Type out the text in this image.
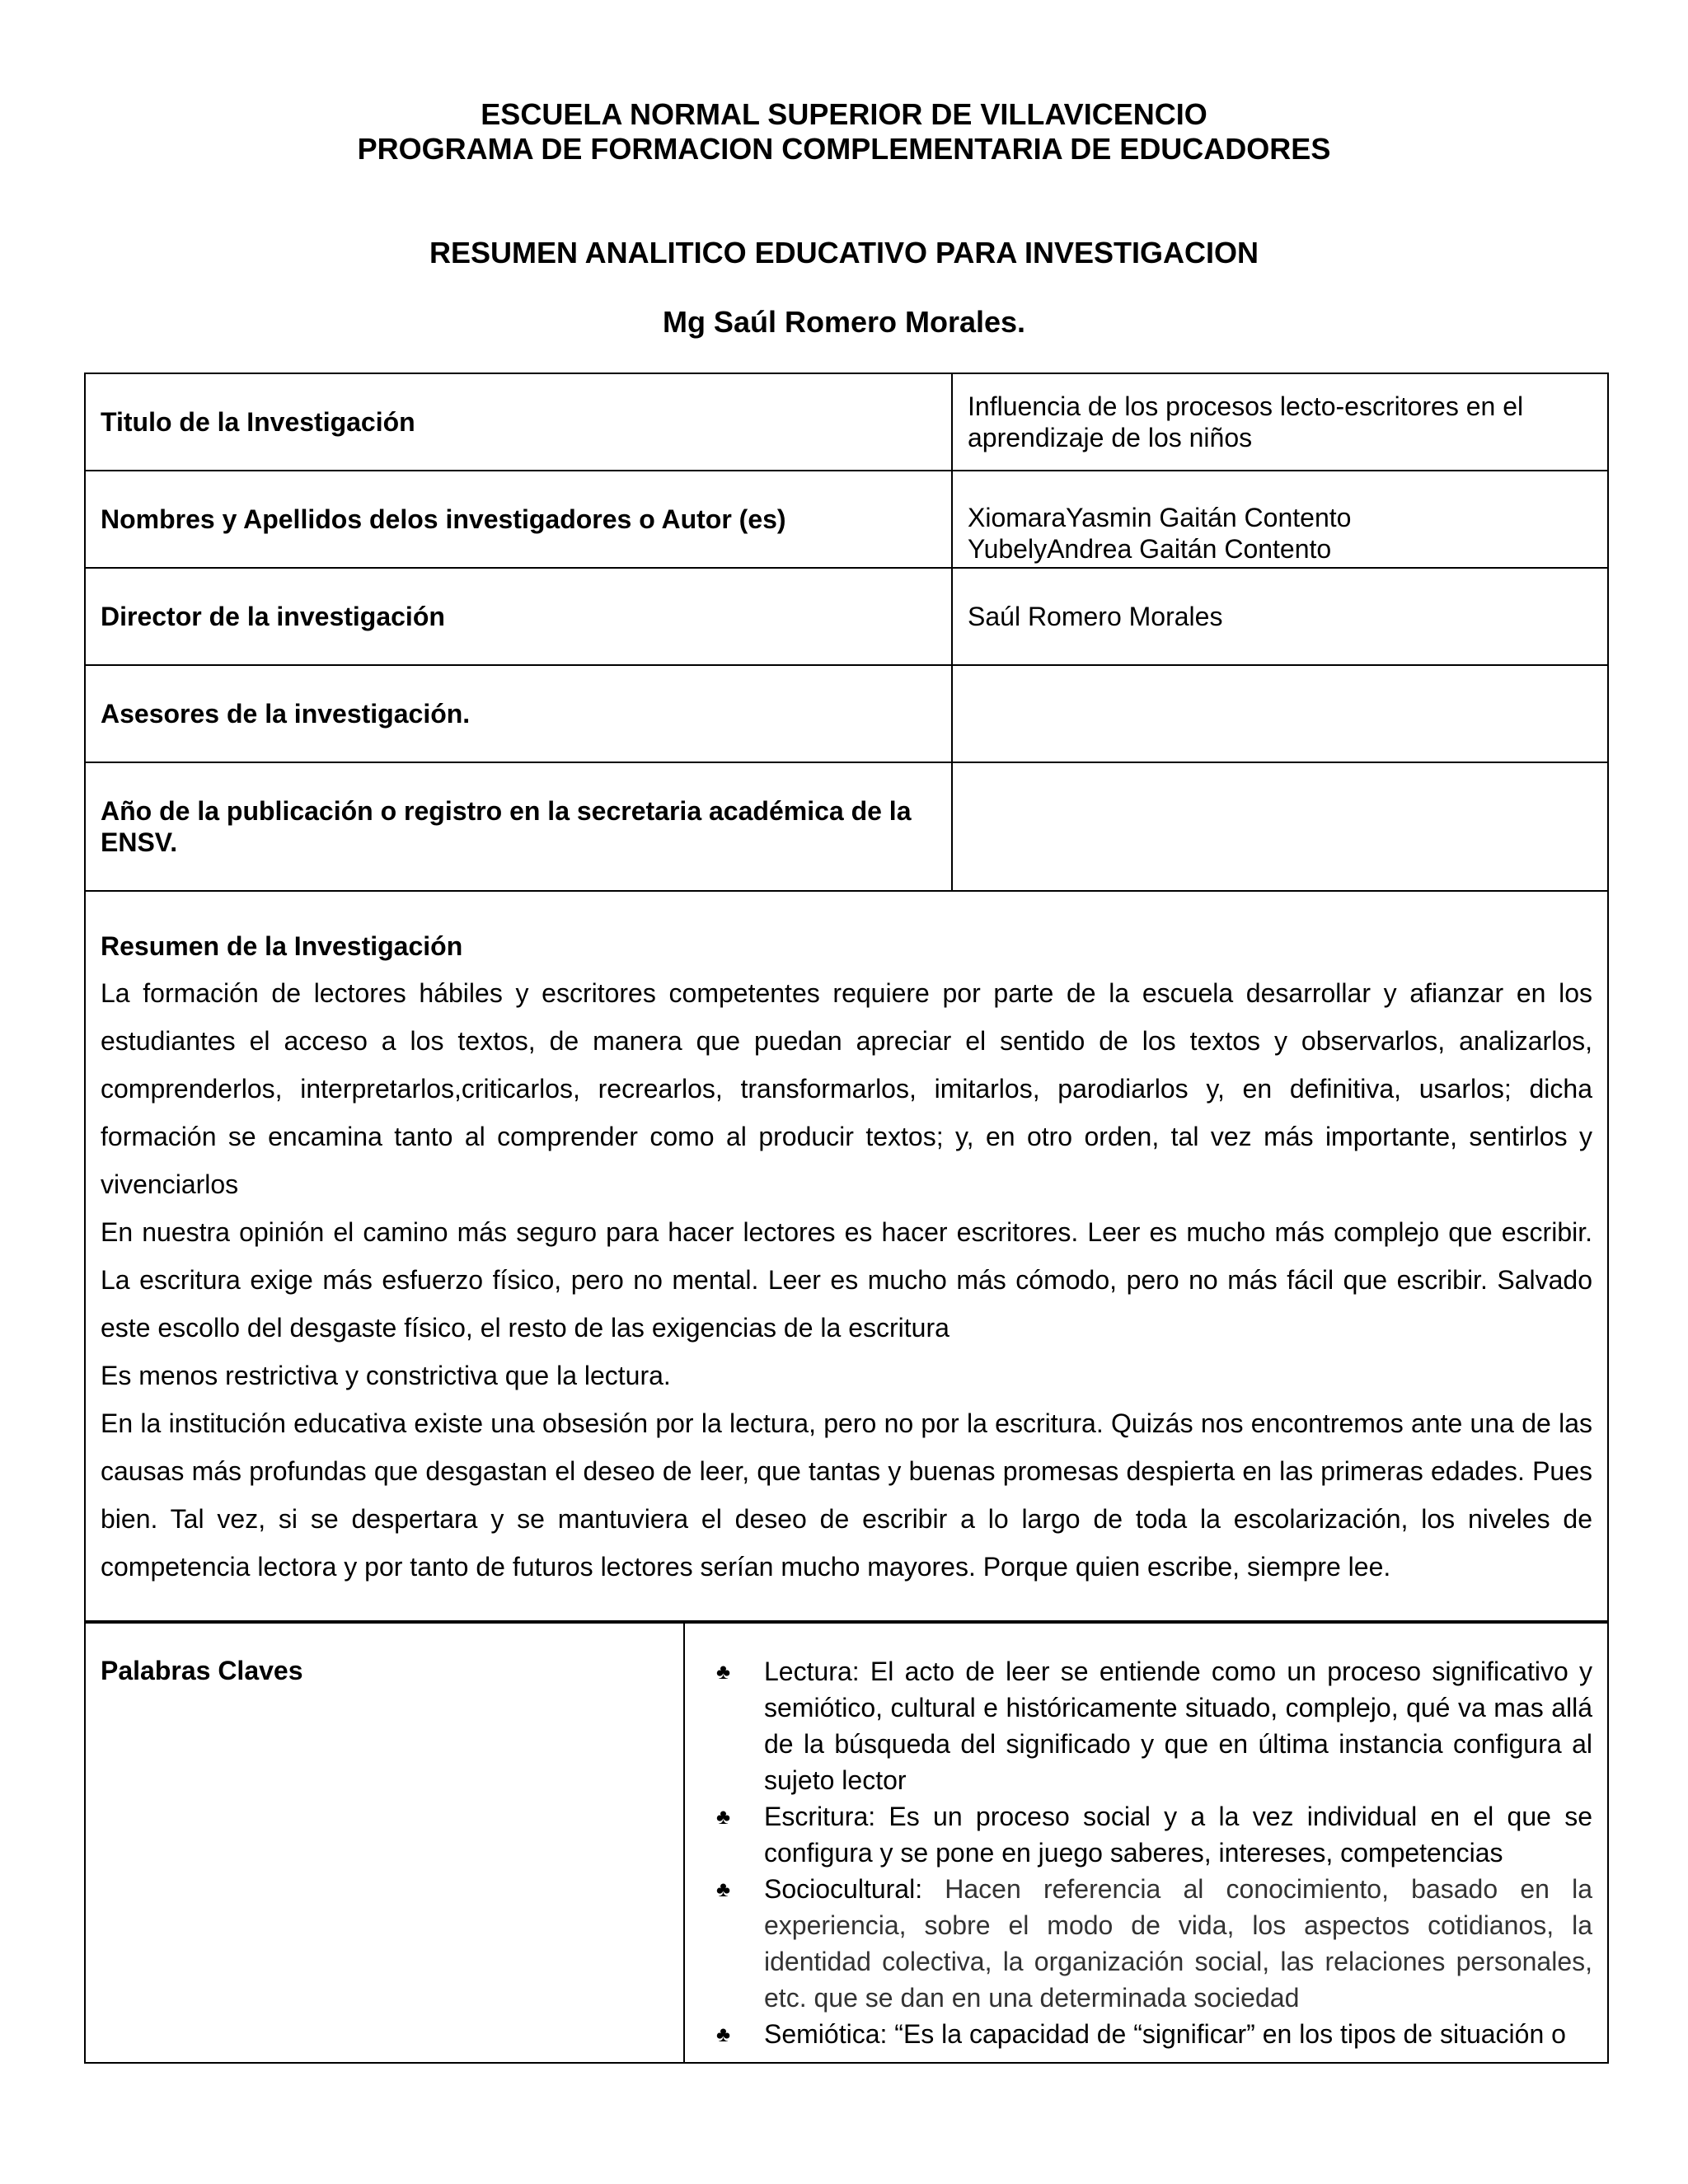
ESCUELA NORMAL SUPERIOR DE VILLAVICENCIO
PROGRAMA DE FORMACION COMPLEMENTARIA DE EDUCADORES
RESUMEN ANALITICO EDUCATIVO PARA INVESTIGACION
Mg Saúl Romero Morales.
Titulo de la Investigación	Influencia de los procesos lecto-escritores en el
aprendizaje de los niños

Nombres y Apellidos delos investigadores o Autor (es)	XiomaraYasmin Gaitán Contento
YubelyAndrea Gaitán Contento

Director de la investigación	Saúl Romero Morales

Asesores de la investigación.	
Año de la publicación o registro en la secretaria académica de la ENSV.	

Resumen de la Investigación

La formación de lectores hábiles y escritores competentes requiere por parte de la escuela desarrollar y afianzar en los estudiantes el acceso a los textos, de manera que puedan apreciar el sentido de los textos y observarlos, analizarlos, comprenderlos, interpretarlos,criticarlos, recrearlos, transformarlos, imitarlos, parodiarlos y, en definitiva, usarlos; dicha formación se encamina tanto al comprender como al producir textos; y, en otro orden, tal vez más importante, sentirlos y vivenciarlos

En nuestra opinión el camino más seguro para hacer lectores es hacer escritores. Leer es mucho más complejo que escribir. La escritura exige más esfuerzo físico, pero no mental. Leer es mucho más cómodo, pero no más fácil que escribir. Salvado este escollo del desgaste físico, el resto de las exigencias de la escritura

Es menos restrictiva y constrictiva que la lectura.

En la institución educativa existe una obsesión por la lectura, pero no por la escritura. Quizás nos encontremos ante una de las causas más profundas que desgastan el deseo de leer, que tantas y buenas promesas despierta en las primeras edades. Pues bien. Tal vez, si se despertara y se mantuviera el deseo de escribir a lo largo de toda la escolarización, los niveles de competencia lectora y por tanto de futuros lectores serían mucho mayores. Porque quien escribe, siempre lee.	

Palabras Claves	♣ Lectura: El acto de leer se entiende como un proceso significativo y semiótico, cultural e históricamente situado, complejo, qué va mas allá de la búsqueda del significado y que en última instancia configura al sujeto lector
♣ Escritura: Es un proceso social y a la vez individual en el que se configura y se pone en juego saberes, intereses, competencias
♣ Sociocultural: Hacen referencia al conocimiento, basado en la experiencia, sobre el modo de vida, los aspectos cotidianos, la identidad colectiva, la organización social, las relaciones personales, etc. que se dan en una determinada sociedad
♣ Semiótica: “Es la capacidad de “significar” en los tipos de situación o
